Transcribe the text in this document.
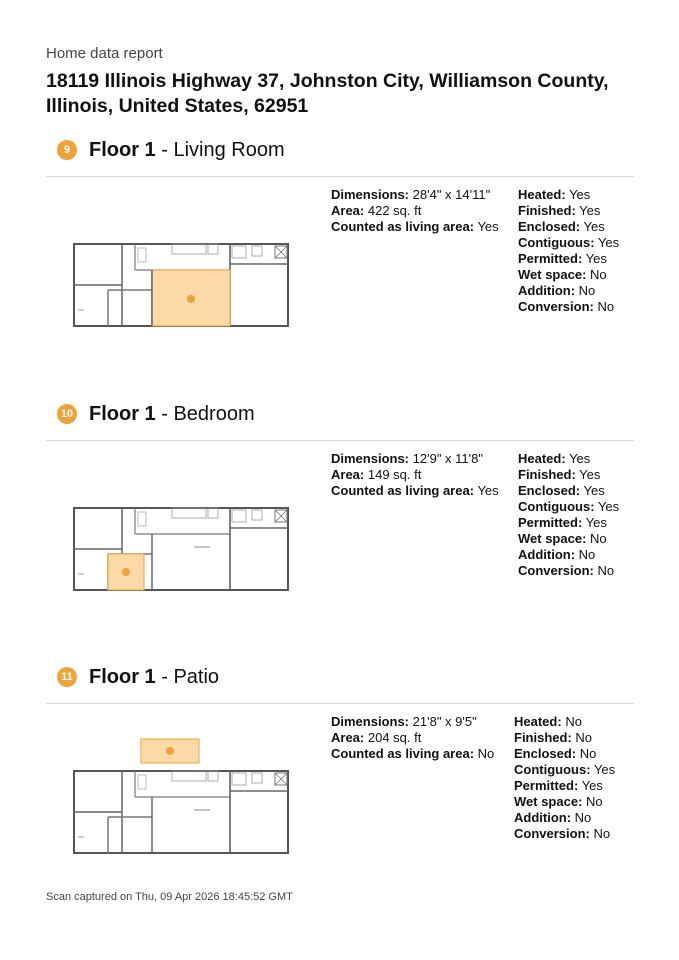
Home data report
18119 Illinois Highway 37, Johnston City, Williamson County,
Illinois, United States, 62951
9 Floor 1 - Living Room
Dimensions: 28'4" x 14'11"
Area: 422 sq. ft
Counted as living area: Yes
Heated: Yes
Finished: Yes
Enclosed: Yes
Contiguous: Yes
Permitted: Yes
Wet space: No
Addition: No
Conversion: No
10 Floor 1 - Bedroom
Dimensions: 12'9" x 11'8"
Area: 149 sq. ft
Counted as living area: Yes
Heated: Yes
Finished: Yes
Enclosed: Yes
Contiguous: Yes
Permitted: Yes
Wet space: No
Addition: No
Conversion: No
11 Floor 1 - Patio
Dimensions: 21'8" x 9'5"
Area: 204 sq. ft
Counted as living area: No
Heated: No
Finished: No
Enclosed: No
Contiguous: Yes
Permitted: Yes
Wet space: No
Addition: No
Conversion: No
Scan captured on Thu, 09 Apr 2026 18:45:52 GMT
